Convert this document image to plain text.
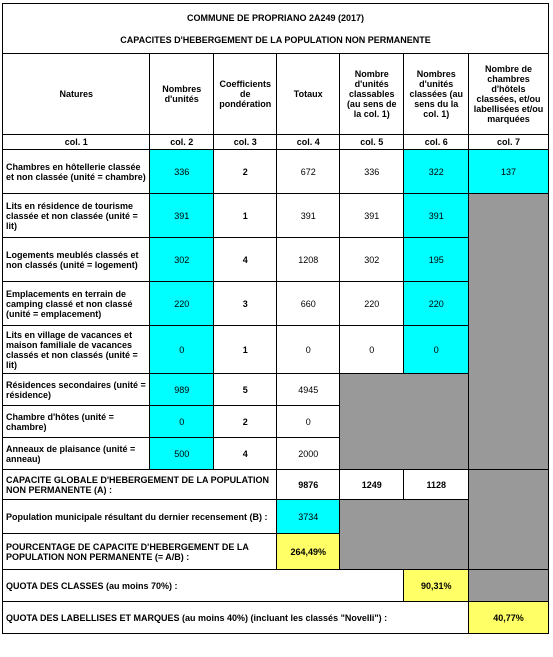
COMMUNE DE PROPRIANO 2A249 (2017)
CAPACITES D'HEBERGEMENT DE LA POPULATION NON PERMANENTE						

Natures	Nombres d'unités	Coefficients de pondération	Totaux	Nombre d'unités classables (au sens de la col. 1)	Nombres d'unités classées (au sens du la col. 1)	Nombre de chambres d'hôtels classées, et/ou labellisées et/ou marquées
col. 1	col. 2	col. 3	col. 4	col. 5	col. 6	col. 7
Chambres en hôtellerie classée et non classée (unité = chambre)	336	2	672	336	322	137
Lits en résidence de tourisme classée et non classée (unité = lit)	391	1	391	391	391	
Logements meublés classés et non classés (unité = logement)	302	4	1208	302	195	
Emplacements en terrain de camping classé et non classé (unité = emplacement)	220	3	660	220	220	
Lits en village de vacances et maison familiale de vacances classés et non classés (unité = lit)	0	1	0	0	0	
Résidences secondaires (unité = résidence)	989	5	4945			
Chambre d'hôtes (unité = chambre)	0	2	0			
Anneaux de plaisance (unité = anneau)	500	4	2000			
CAPACITE GLOBALE D'HEBERGEMENT DE LA POPULATION NON PERMANENTE (A) :			9876	1249	1128	
Population municipale résultant du dernier recensement (B) :			3734			
POURCENTAGE DE CAPACITE D'HEBERGEMENT DE LA POPULATION NON PERMANENTE (= A/B) :			264,49%			
QUOTA DES CLASSES (au moins 70%) :					90,31%	
QUOTA DES LABELLISES ET MARQUES (au moins 40%) (incluant les classés "Novelli") :						40,77%
